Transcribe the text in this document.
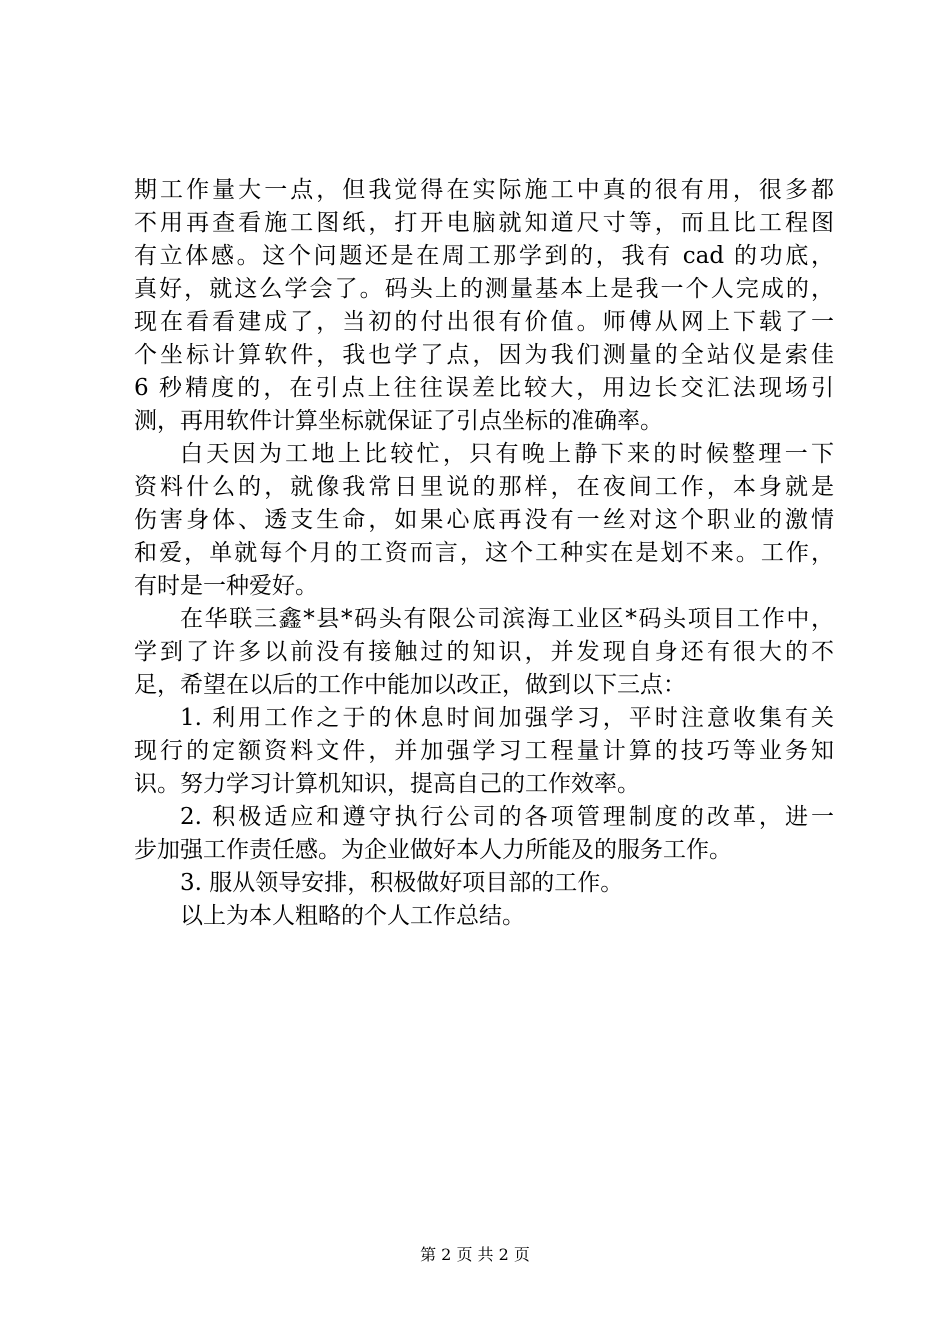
期工作量大一点，但我觉得在实际施工中真的很有用，很多都
不用再查看施工图纸，打开电脑就知道尺寸等，而且比工程图
有立体感。这个问题还是在周工那学到的，我有 cad 的功底，
真好，就这么学会了。码头上的测量基本上是我一个人完成的，
现在看看建成了，当初的付出很有价值。师傅从网上下载了一
个坐标计算软件，我也学了点，因为我们测量的全站仪是索佳
6 秒精度的，在引点上往往误差比较大，用边长交汇法现场引
测，再用软件计算坐标就保证了引点坐标的准确率。
白天因为工地上比较忙，只有晚上静下来的时候整理一下
资料什么的，就像我常日里说的那样，在夜间工作，本身就是
伤害身体、透支生命，如果心底再没有一丝对这个职业的激情
和爱，单就每个月的工资而言，这个工种实在是划不来。工作，
有时是一种爱好。
在华联三鑫*县*码头有限公司滨海工业区*码头项目工作中，
学到了许多以前没有接触过的知识，并发现自身还有很大的不
足，希望在以后的工作中能加以改正，做到以下三点：
1. 利用工作之于的休息时间加强学习，平时注意收集有关
现行的定额资料文件，并加强学习工程量计算的技巧等业务知
识。努力学习计算机知识，提高自己的工作效率。
2. 积极适应和遵守执行公司的各项管理制度的改革，进一
步加强工作责任感。为企业做好本人力所能及的服务工作。
3. 服从领导安排，积极做好项目部的工作。
以上为本人粗略的个人工作总结。
第 2 页 共 2 页
